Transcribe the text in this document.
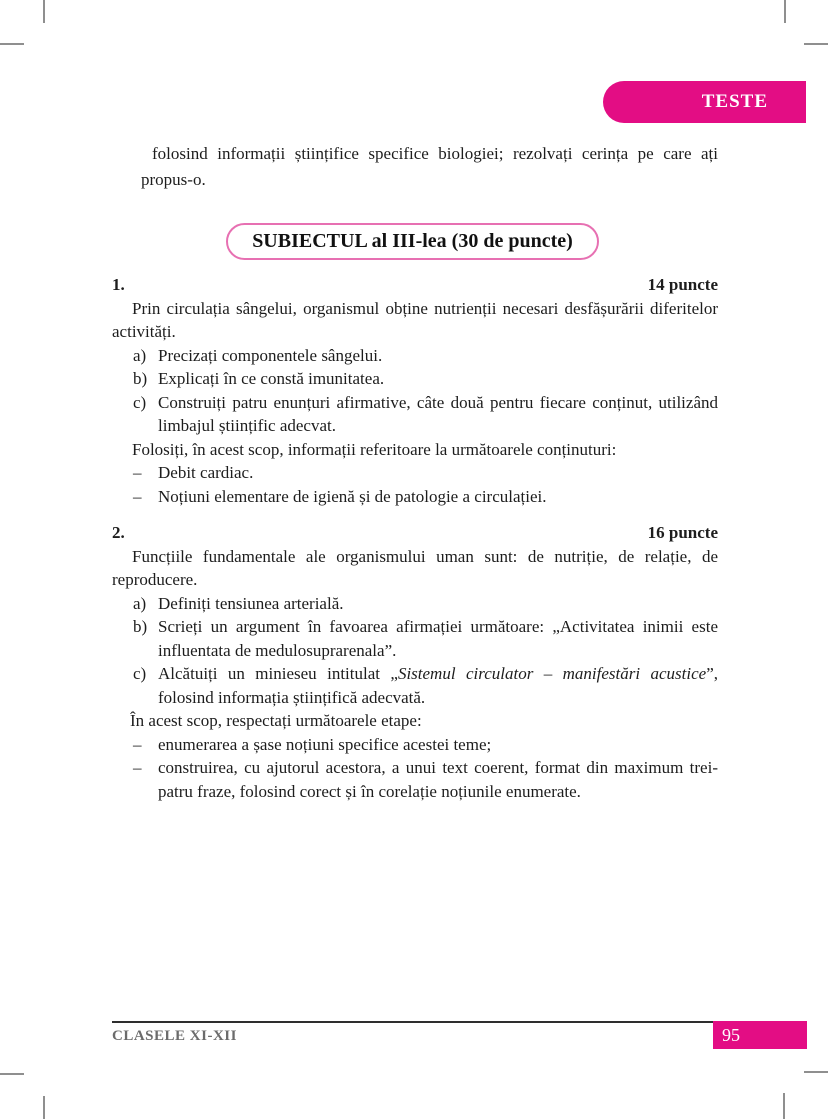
TESTE

folosind informații științifice specifice biologiei; rezolvați cerința pe care ați propus-o.

SUBIECTUL al III-lea (30 de puncte)
1.	14 puncte

Prin circulația sângelui, organismul obține nutrienții necesari desfășurării diferitelor activități.

a) Precizați componentele sângelui.

b) Explicați în ce constă imunitatea.

c) Construiți patru enunțuri afirmative, câte două pentru fiecare conținut, utilizând limbajul științific adecvat.

Folosiți, în acest scop, informații referitoare la următoarele conținuturi:

– Debit cardiac.

– Noțiuni elementare de igienă și de patologie a circulației.

2.	16 puncte

Funcțiile fundamentale ale organismului uman sunt: de nutriție, de relație, de reproducere.

a) Definiți tensiunea arterială.

b) Scrieți un argument în favoarea afirmației următoare: „Activitatea inimii este influentata de medulosuprarenala”.

c) Alcătuiți un minieseu intitulat „Sistemul circulator – manifestări acustice”, folosind informația științifică adecvată.

În acest scop, respectați următoarele etape:

– enumerarea a șase noțiuni specifice acestei teme;

– construirea, cu ajutorul acestora, a unui text coerent, format din maximum trei-patru fraze, folosind corect și în corelație noțiunile enumerate.

CLASELE XI-XII	95
